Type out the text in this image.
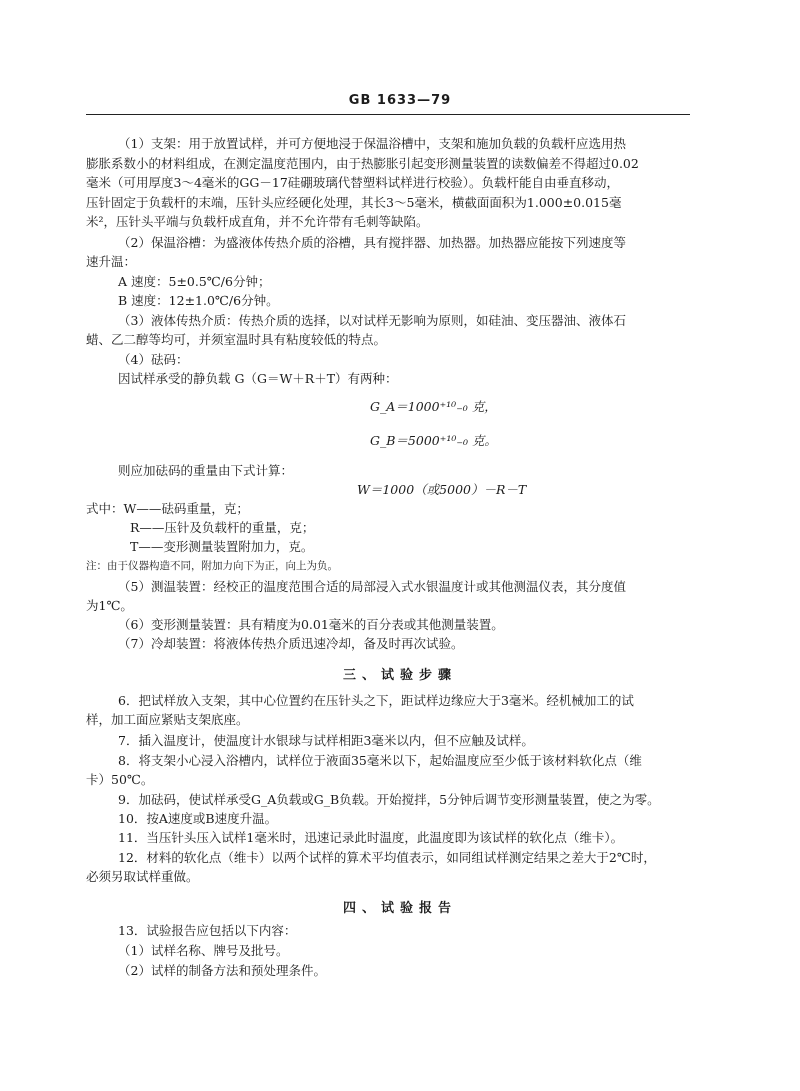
GB 1633—79
（1）支架：用于放置试样，并可方便地浸于保温浴槽中，支架和施加负载的负载杆应选用热
膨胀系数小的材料组成，在测定温度范围内，由于热膨胀引起变形测量装置的读数偏差不得超过0.02
毫米（可用厚度3～4毫米的GG－17硅硼玻璃代替塑料试样进行校验）。负载杆能自由垂直移动，
压针固定于负载杆的末端，压针头应经硬化处理，其长3～5毫米，横截面面积为1.000±0.015毫
米²，压针头平端与负载杆成直角，并不允许带有毛刺等缺陷。
（2）保温浴槽：为盛液体传热介质的浴槽，具有搅拌器、加热器。加热器应能按下列速度等
速升温：
A 速度：5±0.5℃/6分钟；
B 速度：12±1.0℃/6分钟。
（3）液体传热介质：传热介质的选择，以对试样无影响为原则，如硅油、变压器油、液体石
蜡、乙二醇等均可，并须室温时具有粘度较低的特点。
（4）砝码：
因试样承受的静负载 G（G＝W＋R＋T）有两种：
G_A＝1000⁺¹⁰₋₀ 克，
G_B＝5000⁺¹⁰₋₀ 克。
则应加砝码的重量由下式计算：
W＝1000（或5000）－R－T
式中：W——砝码重量，克；
R——压针及负载杆的重量，克；
T——变形测量装置附加力，克。
注：由于仪器构造不同，附加力向下为正，向上为负。
（5）测温装置：经校正的温度范围合适的局部浸入式水银温度计或其他测温仪表，其分度值
为1℃。
（6）变形测量装置：具有精度为0.01毫米的百分表或其他测量装置。
（7）冷却装置：将液体传热介质迅速冷却，备及时再次试验。
三、试验步骤
6．把试样放入支架，其中心位置约在压针头之下，距试样边缘应大于3毫米。经机械加工的试
样，加工面应紧贴支架底座。
7．插入温度计，使温度计水银球与试样相距3毫米以内，但不应触及试样。
8．将支架小心浸入浴槽内，试样位于液面35毫米以下，起始温度应至少低于该材料软化点（维
卡）50℃。
9．加砝码，使试样承受G_A负载或G_B负载。开始搅拌，5分钟后调节变形测量装置，使之为零。
10．按A速度或B速度升温。
11．当压针头压入试样1毫米时，迅速记录此时温度，此温度即为该试样的软化点（维卡）。
12．材料的软化点（维卡）以两个试样的算术平均值表示，如同组试样测定结果之差大于2℃时，
必须另取试样重做。
四、试验报告
13．试验报告应包括以下内容：
（1）试样名称、牌号及批号。
（2）试样的制备方法和预处理条件。
